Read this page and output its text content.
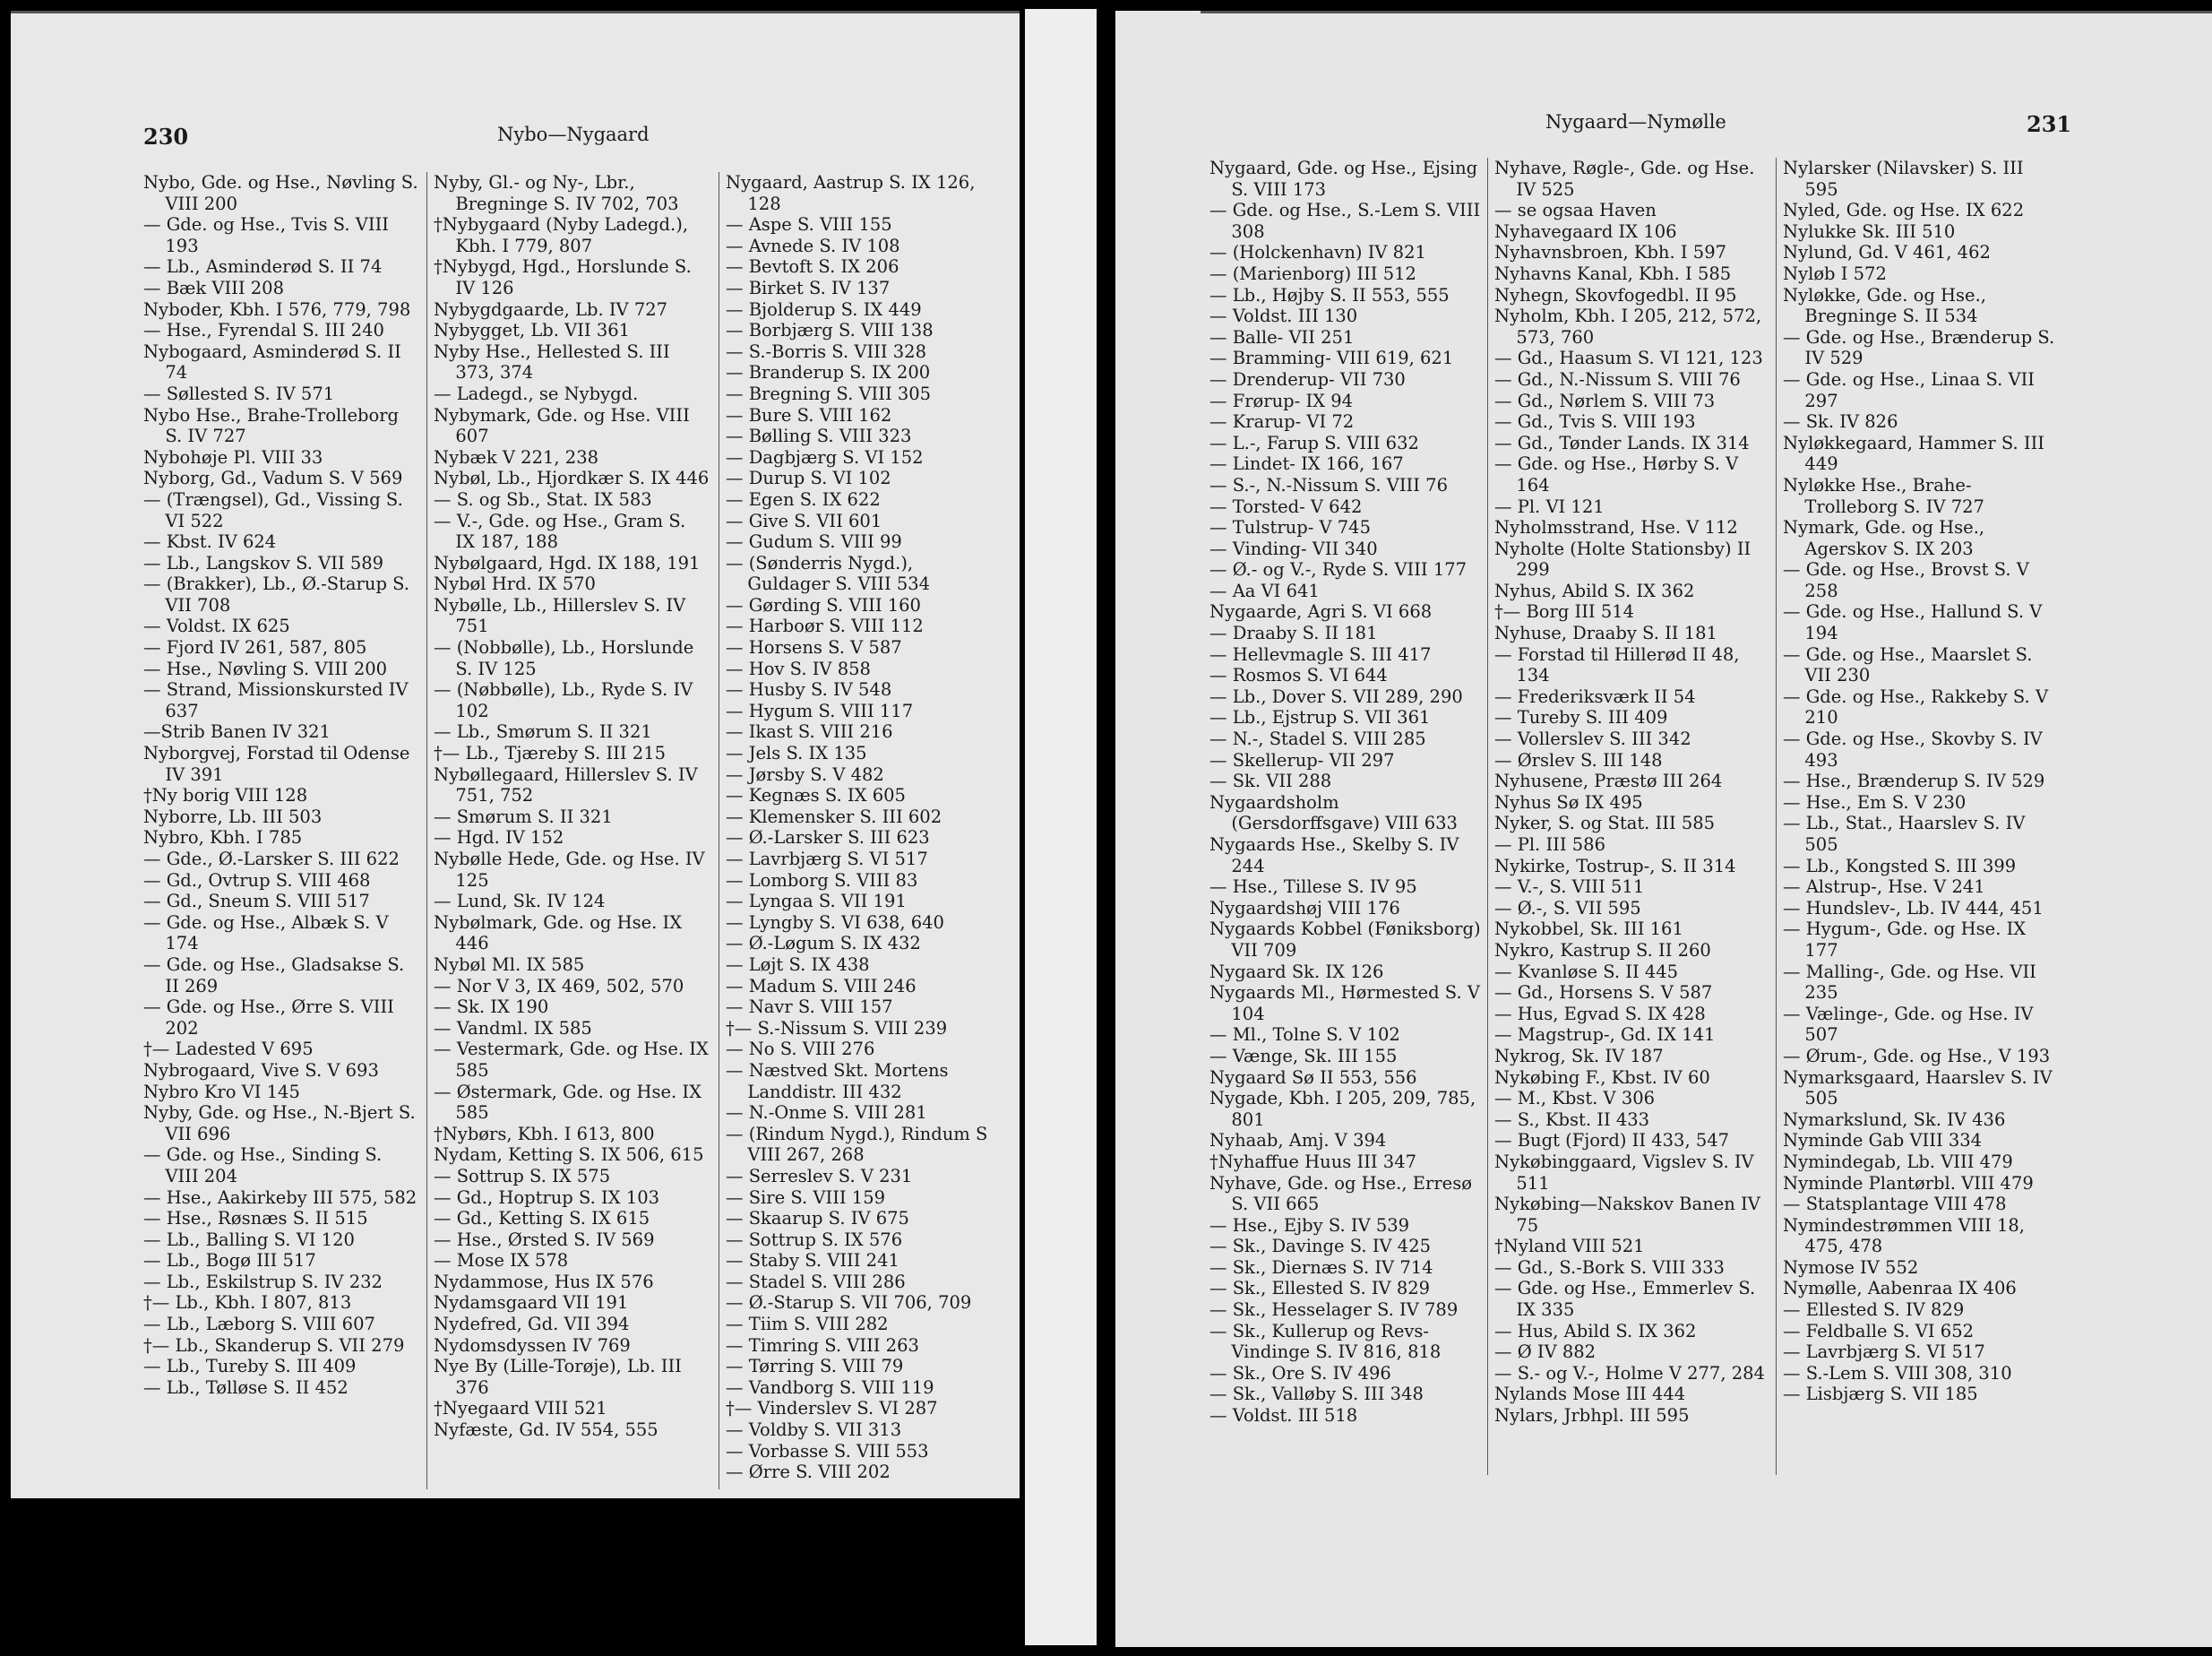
230	Nybo—Nygaard
Nygaard—Nymølle	231
Nybo, Gde. og Hse., Nøvling S. VIII 200
— Gde. og Hse., Tvis S. VIII 193
— Lb., Asminderød S. II 74
— Bæk VIII 208
Nyboder, Kbh. I 576, 779, 798
— Hse., Fyrendal S. III 240
Nybogaard, Asminderød S. II 74
— Søllested S. IV 571
Nybo Hse., Brahe-Trolleborg S. IV 727
Nybohøje Pl. VIII 33
Nyborg, Gd., Vadum S. V 569
— (Trængsel), Gd., Vissing S. VI 522
— Kbst. IV 624
— Lb., Langskov S. VII 589
— (Brakker), Lb., Ø.-Starup S. VII 708
— Voldst. IX 625
— Fjord IV 261, 587, 805
— Hse., Nøvling S. VIII 200
— Strand, Missionskursted IV 637
—Strib Banen IV 321
Nyborgvej, Forstad til Odense IV 391
†Ny borig VIII 128
Nyborre, Lb. III 503
Nybro, Kbh. I 785
— Gde., Ø.-Larsker S. III 622
— Gd., Ovtrup S. VIII 468
— Gd., Sneum S. VIII 517
— Gde. og Hse., Albæk S. V 174
— Gde. og Hse., Gladsakse S. II 269
— Gde. og Hse., Ørre S. VIII 202
†— Ladested V 695
Nybrogaard, Vive S. V 693
Nybro Kro VI 145
Nyby, Gde. og Hse., N.-Bjert S. VII 696
— Gde. og Hse., Sinding S. VIII 204
— Hse., Aakirkeby III 575, 582
— Hse., Røsnæs S. II 515
— Lb., Balling S. VI 120
— Lb., Bogø III 517
— Lb., Eskilstrup S. IV 232
†— Lb., Kbh. I 807, 813
— Lb., Læborg S. VIII 607
†— Lb., Skanderup S. VII 279
— Lb., Tureby S. III 409
— Lb., Tølløse S. II 452
Nyby, Gl.- og Ny-, Lbr., Bregninge S. IV 702, 703
†Nybygaard (Nyby Ladegd.), Kbh. I 779, 807
†Nybygd, Hgd., Horslunde S. IV 126
Nybygdgaarde, Lb. IV 727
Nybygget, Lb. VII 361
Nyby Hse., Hellested S. III 373, 374
— Ladegd., se Nybygd.
Nybymark, Gde. og Hse. VIII 607
Nybæk V 221, 238
Nybøl, Lb., Hjordkær S. IX 446
— S. og Sb., Stat. IX 583
— V.-, Gde. og Hse., Gram S. IX 187, 188
Nybølgaard, Hgd. IX 188, 191
Nybøl Hrd. IX 570
Nybølle, Lb., Hillerslev S. IV 751
— (Nobbølle), Lb., Horslunde S. IV 125
— (Nøbbølle), Lb., Ryde S. IV 102
— Lb., Smørum S. II 321
†— Lb., Tjæreby S. III 215
Nybøllegaard, Hillerslev S. IV 751, 752
— Smørum S. II 321
— Hgd. IV 152
Nybølle Hede, Gde. og Hse. IV 125
— Lund, Sk. IV 124
Nybølmark, Gde. og Hse. IX 446
Nybøl Ml. IX 585
— Nor V 3, IX 469, 502, 570
— Sk. IX 190
— Vandml. IX 585
— Vestermark, Gde. og Hse. IX 585
— Østermark, Gde. og Hse. IX 585
†Nybørs, Kbh. I 613, 800
Nydam, Ketting S. IX 506, 615
— Sottrup S. IX 575
— Gd., Hoptrup S. IX 103
— Gd., Ketting S. IX 615
— Hse., Ørsted S. IV 569
— Mose IX 578
Nydammose, Hus IX 576
Nydamsgaard VII 191
Nydefred, Gd. VII 394
Nydomsdyssen IV 769
Nye By (Lille-Torøje), Lb. III 376
†Nyegaard VIII 521
Nyfæste, Gd. IV 554, 555
Nygaard, Aastrup S. IX 126, 128
— Aspe S. VIII 155
— Avnede S. IV 108
— Bevtoft S. IX 206
— Birket S. IV 137
— Bjolderup S. IX 449
— Borbjærg S. VIII 138
— S.-Borris S. VIII 328
— Branderup S. IX 200
— Bregning S. VIII 305
— Bure S. VIII 162
— Bølling S. VIII 323
— Dagbjærg S. VI 152
— Durup S. VI 102
— Egen S. IX 622
— Give S. VII 601
— Gudum S. VIII 99
— (Sønderris Nygd.), Guldager S. VIII 534
— Gørding S. VIII 160
— Harboør S. VIII 112
— Horsens S. V 587
— Hov S. IV 858
— Husby S. IV 548
— Hygum S. VIII 117
— Ikast S. VIII 216
— Jels S. IX 135
— Jørsby S. V 482
— Kegnæs S. IX 605
— Klemensker S. III 602
— Ø.-Larsker S. III 623
— Lavrbjærg S. VI 517
— Lomborg S. VIII 83
— Lyngaa S. VII 191
— Lyngby S. VI 638, 640
— Ø.-Løgum S. IX 432
— Løjt S. IX 438
— Madum S. VIII 246
— Navr S. VIII 157
†— S.-Nissum S. VIII 239
— No S. VIII 276
— Næstved Skt. Mortens Landdistr. III 432
— N.-Onme S. VIII 281
— (Rindum Nygd.), Rindum S VIII 267, 268
— Serreslev S. V 231
— Sire S. VIII 159
— Skaarup S. IV 675
— Sottrup S. IX 576
— Staby S. VIII 241
— Stadel S. VIII 286
— Ø.-Starup S. VII 706, 709
— Tiim S. VIII 282
— Timring S. VIII 263
— Tørring S. VIII 79
— Vandborg S. VIII 119
†— Vinderslev S. VI 287
— Voldby S. VII 313
— Vorbasse S. VIII 553
— Ørre S. VIII 202
Nygaard, Gde. og Hse., Ejsing S. VIII 173
— Gde. og Hse., S.-Lem S. VIII 308
— (Holckenhavn) IV 821
— (Marienborg) III 512
— Lb., Højby S. II 553, 555
— Voldst. III 130
— Balle- VII 251
— Bramming- VIII 619, 621
— Drenderup- VII 730
— Frørup- IX 94
— Krarup- VI 72
— L.-, Farup S. VIII 632
— Lindet- IX 166, 167
— S.-, N.-Nissum S. VIII 76
— Torsted- V 642
— Tulstrup- V 745
— Vinding- VII 340
— Ø.- og V.-, Ryde S. VIII 177
— Aa VI 641
Nygaarde, Agri S. VI 668
— Draaby S. II 181
— Hellevmagle S. III 417
— Rosmos S. VI 644
— Lb., Dover S. VII 289, 290
— Lb., Ejstrup S. VII 361
— N.-, Stadel S. VIII 285
— Skellerup- VII 297
— Sk. VII 288
Nygaardsholm (Gersdorffsgave) VIII 633
Nygaards Hse., Skelby S. IV 244
— Hse., Tillese S. IV 95
Nygaardshøj VIII 176
Nygaards Kobbel (Føniksborg) VII 709
Nygaard Sk. IX 126
Nygaards Ml., Hørmested S. V 104
— Ml., Tolne S. V 102
— Vænge, Sk. III 155
Nygaard Sø II 553, 556
Nygade, Kbh. I 205, 209, 785, 801
Nyhaab, Amj. V 394
†Nyhaffue Huus III 347
Nyhave, Gde. og Hse., Erresø S. VII 665
— Hse., Ejby S. IV 539
— Sk., Davinge S. IV 425
— Sk., Diernæs S. IV 714
— Sk., Ellested S. IV 829
— Sk., Hesselager S. IV 789
— Sk., Kullerup og Revs-Vindinge S. IV 816, 818
— Sk., Ore S. IV 496
— Sk., Valløby S. III 348
— Voldst. III 518
Nyhave, Røgle-, Gde. og Hse. IV 525
— se ogsaa Haven
Nyhavegaard IX 106
Nyhavnsbroen, Kbh. I 597
Nyhavns Kanal, Kbh. I 585
Nyhegn, Skovfogedbl. II 95
Nyholm, Kbh. I 205, 212, 572, 573, 760
— Gd., Haasum S. VI 121, 123
— Gd., N.-Nissum S. VIII 76
— Gd., Nørlem S. VIII 73
— Gd., Tvis S. VIII 193
— Gd., Tønder Lands. IX 314
— Gde. og Hse., Hørby S. V 164
— Pl. VI 121
Nyholmsstrand, Hse. V 112
Nyholte (Holte Stationsby) II 299
Nyhus, Abild S. IX 362
†— Borg III 514
Nyhuse, Draaby S. II 181
— Forstad til Hillerød II 48, 134
— Frederiksværk II 54
— Tureby S. III 409
— Vollerslev S. III 342
— Ørslev S. III 148
Nyhusene, Præstø III 264
Nyhus Sø IX 495
Nyker, S. og Stat. III 585
— Pl. III 586
Nykirke, Tostrup-, S. II 314
— V.-, S. VIII 511
— Ø.-, S. VII 595
Nykobbel, Sk. III 161
Nykro, Kastrup S. II 260
— Kvanløse S. II 445
— Gd., Horsens S. V 587
— Hus, Egvad S. IX 428
— Magstrup-, Gd. IX 141
Nykrog, Sk. IV 187
Nykøbing F., Kbst. IV 60
— M., Kbst. V 306
— S., Kbst. II 433
— Bugt (Fjord) II 433, 547
Nykøbinggaard, Vigslev S. IV 511
Nykøbing—Nakskov Banen IV 75
†Nyland VIII 521
— Gd., S.-Bork S. VIII 333
— Gde. og Hse., Emmerlev S. IX 335
— Hus, Abild S. IX 362
— Ø IV 882
— S.- og V.-, Holme V 277, 284
Nylands Mose III 444
Nylars, Jrbhpl. III 595
Nylarsker (Nilavsker) S. III 595
Nyled, Gde. og Hse. IX 622
Nylukke Sk. III 510
Nylund, Gd. V 461, 462
Nyløb I 572
Nyløkke, Gde. og Hse., Bregninge S. II 534
— Gde. og Hse., Brænderup S. IV 529
— Gde. og Hse., Linaa S. VII 297
— Sk. IV 826
Nyløkkegaard, Hammer S. III 449
Nyløkke Hse., Brahe-Trolleborg S. IV 727
Nymark, Gde. og Hse., Agerskov S. IX 203
— Gde. og Hse., Brovst S. V 258
— Gde. og Hse., Hallund S. V 194
— Gde. og Hse., Maarslet S. VII 230
— Gde. og Hse., Rakkeby S. V 210
— Gde. og Hse., Skovby S. IV 493
— Hse., Brænderup S. IV 529
— Hse., Em S. V 230
— Lb., Stat., Haarslev S. IV 505
— Lb., Kongsted S. III 399
— Alstrup-, Hse. V 241
— Hundslev-, Lb. IV 444, 451
— Hygum-, Gde. og Hse. IX 177
— Malling-, Gde. og Hse. VII 235
— Vælinge-, Gde. og Hse. IV 507
— Ørum-, Gde. og Hse., V 193
Nymarksgaard, Haarslev S. IV 505
Nymarkslund, Sk. IV 436
Nyminde Gab VIII 334
Nymindegab, Lb. VIII 479
Nyminde Plantørbl. VIII 479
— Statsplantage VIII 478
Nymindestrømmen VIII 18, 475, 478
Nymose IV 552
Nymølle, Aabenraa IX 406
— Ellested S. IV 829
— Feldballe S. VI 652
— Lavrbjærg S. VI 517
— S.-Lem S. VIII 308, 310
— Lisbjærg S. VII 185
